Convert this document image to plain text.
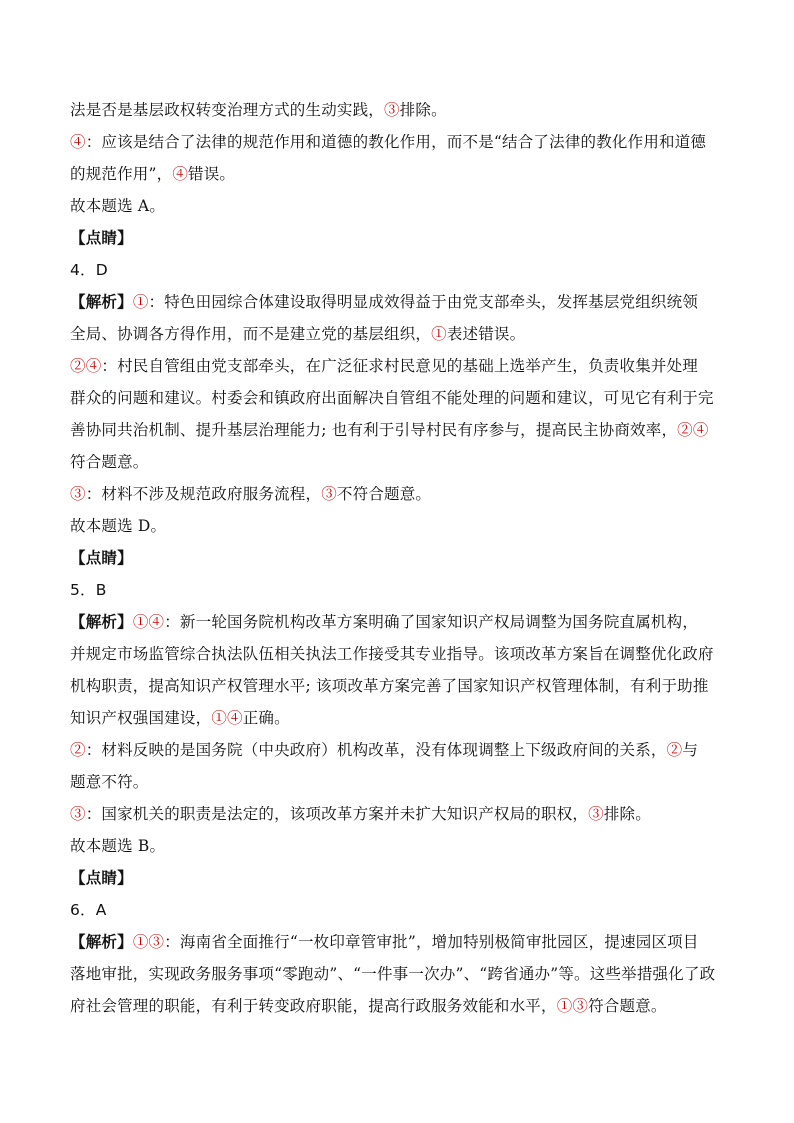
法是否是基层政权转变治理方式的生动实践，③排除。

④：应该是结合了法律的规范作用和道德的教化作用，而不是“结合了法律的教化作用和道德

的规范作用”，④错误。

故本题选 A。

【点睛】

4．D

【解析】①：特色田园综合体建设取得明显成效得益于由党支部牵头，发挥基层党组织统领

全局、协调各方得作用，而不是建立党的基层组织，①表述错误。

②④：村民自管组由党支部牵头，在广泛征求村民意见的基础上选举产生，负责收集并处理

群众的问题和建议。村委会和镇政府出面解决自管组不能处理的问题和建议，可见它有利于完

善协同共治机制、提升基层治理能力; 也有利于引导村民有序参与，提高民主协商效率，②④

符合题意。

③：材料不涉及规范政府服务流程，③不符合题意。

故本题选 D。

【点睛】

5．B

【解析】①④：新一轮国务院机构改革方案明确了国家知识产权局调整为国务院直属机构，

并规定市场监管综合执法队伍相关执法工作接受其专业指导。该项改革方案旨在调整优化政府

机构职责，提高知识产权管理水平; 该项改革方案完善了国家知识产权管理体制，有利于助推

知识产权强国建设，①④正确。

②：材料反映的是国务院（中央政府）机构改革，没有体现调整上下级政府间的关系，②与

题意不符。

③：国家机关的职责是法定的，该项改革方案并未扩大知识产权局的职权，③排除。

故本题选 B。

【点睛】

6．A

【解析】①③：海南省全面推行“一枚印章管审批”，增加特别极简审批园区，提速园区项目

落地审批，实现政务服务事项“零跑动”、“一件事一次办”、“跨省通办”等。这些举措强化了政

府社会管理的职能，有利于转变政府职能，提高行政服务效能和水平，①③符合题意。
